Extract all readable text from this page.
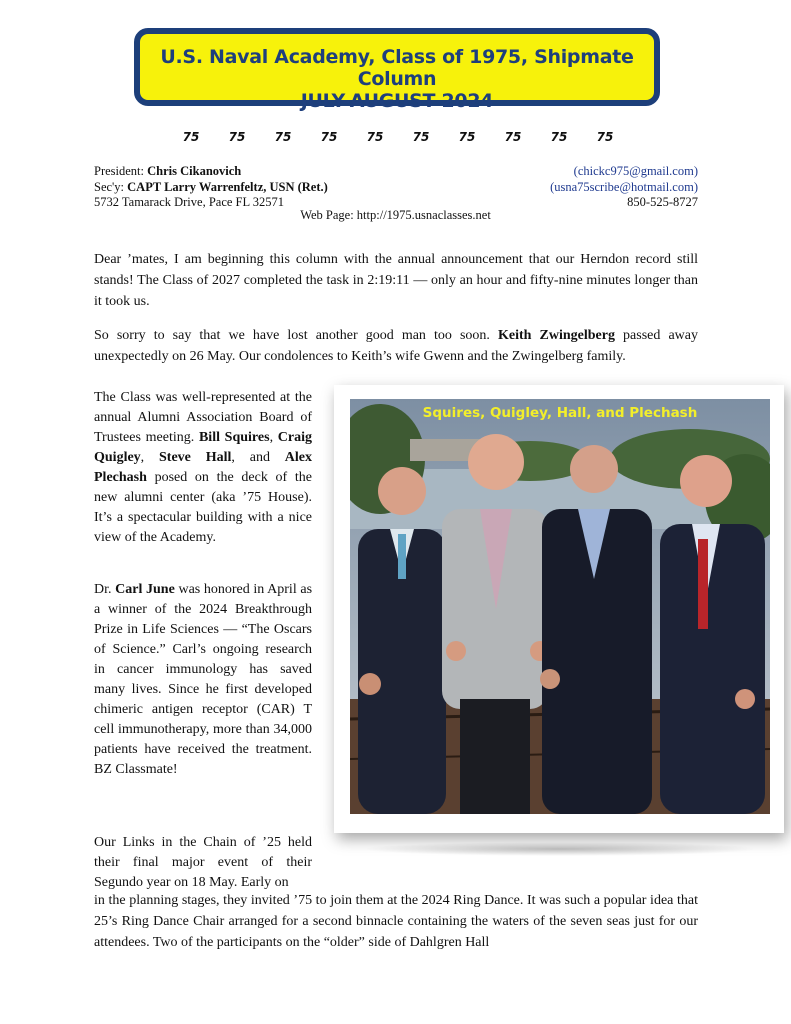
U.S. Naval Academy, Class of 1975, Shipmate Column
JULY-AUGUST 2024
75	75	75	75	75	75	75	75	75	75
President: Chris Cikanovich	(chickc975@gmail.com)
Sec'y: CAPT Larry Warrenfeltz, USN (Ret.)	(usna75scribe@hotmail.com)
5732 Tamarack Drive, Pace FL 32571	850-525-8727
Web Page: http://1975.usnaclasses.net

Dear ’mates, I am beginning this column with the annual announcement that our Herndon record still stands! The Class of 2027 completed the task in 2:19:11 — only an hour and fifty-nine minutes longer than it took us.

So sorry to say that we have lost another good man too soon. Keith Zwingelberg passed away unexpectedly on 26 May. Our condolences to Keith’s wife Gwenn and the Zwingelberg family.

The Class was well-represented at the annual Alumni Association Board of Trustees meeting. Bill Squires, Craig Quigley, Steve Hall, and Alex Plechash posed on the deck of the new alumni center (aka ’75 House). It’s a spectacular building with a nice view of the Academy.

Dr. Carl June was honored in April as a winner of the 2024 Breakthrough Prize in Life Sciences — “The Oscars of Science.” Carl’s ongoing research in cancer immunology has saved many lives. Since he first developed chimeric antigen receptor (CAR) T cell immunotherapy, more than 34,000 patients have received the treatment. BZ Classmate!

Our Links in the Chain of ’25 held their final major event of their Segundo year on 18 May. Early on

in the planning stages, they invited ’75 to join them at the 2024 Ring Dance. It was such a popular idea that 25’s Ring Dance Chair arranged for a second binnacle containing the waters of the seven seas just for our attendees. Two of the participants on the “older” side of Dahlgren Hall

Squires, Quigley, Hall, and Plechash
